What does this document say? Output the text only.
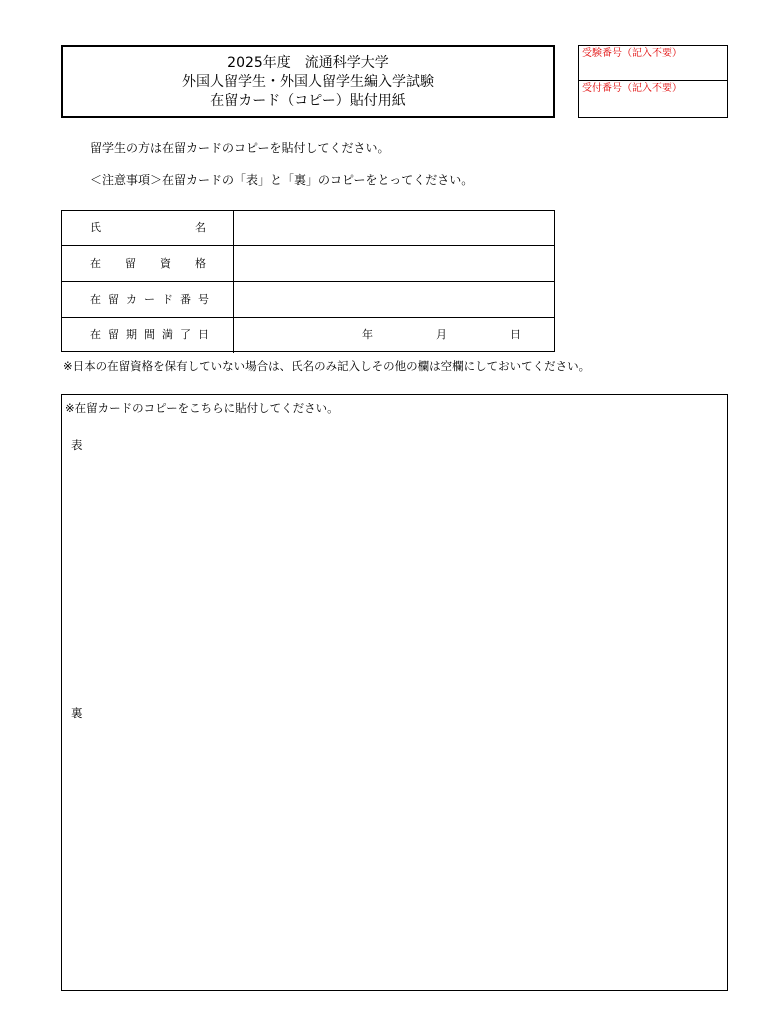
2025年度　流通科学大学
外国人留学生・外国人留学生編入学試験
在留カード（コピー）貼付用紙
受験番号（記入不要）
受付番号（記入不要）
留学生の方は在留カードのコピーを貼付してください。
＜注意事項＞在留カードの「表」と「裏」のコピーをとってください。
氏	名
在 留 資 格
在 留 カ ー ド 番 号
在 留 期 間 満 了 日	年	月	日
※日本の在留資格を保有していない場合は、氏名のみ記入しその他の欄は空欄にしておいてください。
※在留カードのコピーをこちらに貼付してください。
表
裏
